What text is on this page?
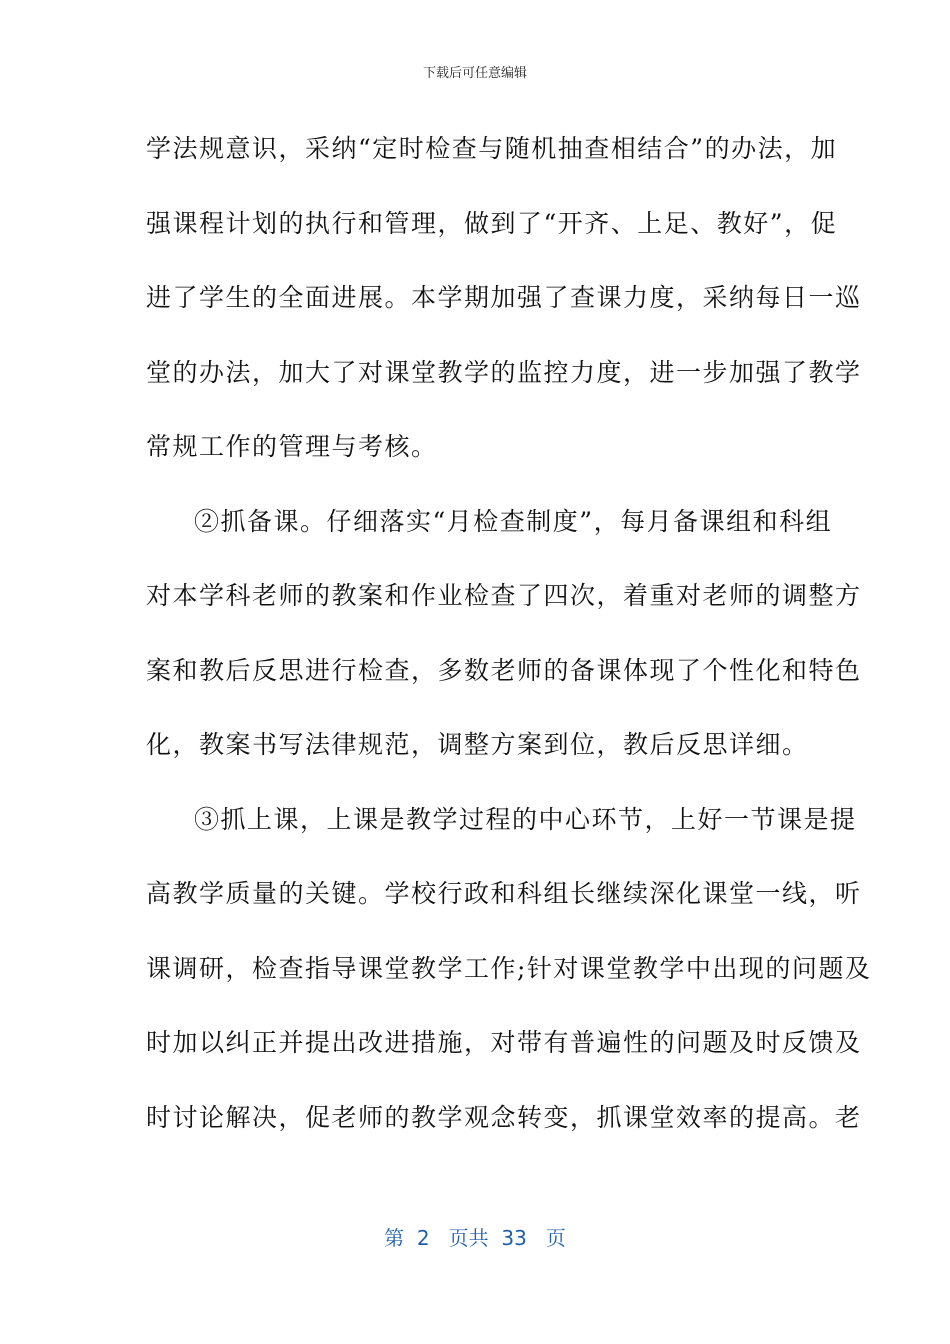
下载后可任意编辑
学法规意识，采纳“定时检查与随机抽查相结合”的办法，加
强课程计划的执行和管理，做到了“开齐、上足、教好”，促
进了学生的全面进展。本学期加强了查课力度，采纳每日一巡
堂的办法，加大了对课堂教学的监控力度，进一步加强了教学
常规工作的管理与考核。
②抓备课。仔细落实“月检查制度”，每月备课组和科组
对本学科老师的教案和作业检查了四次，着重对老师的调整方
案和教后反思进行检查，多数老师的备课体现了个性化和特色
化，教案书写法律规范，调整方案到位，教后反思详细。
③抓上课，上课是教学过程的中心环节，上好一节课是提
高教学质量的关键。学校行政和科组长继续深化课堂一线，听
课调研，检查指导课堂教学工作;针对课堂教学中出现的问题及
时加以纠正并提出改进措施，对带有普遍性的问题及时反馈及
时讨论解决，促老师的教学观念转变，抓课堂效率的提高。老
第  2   页共  33   页
